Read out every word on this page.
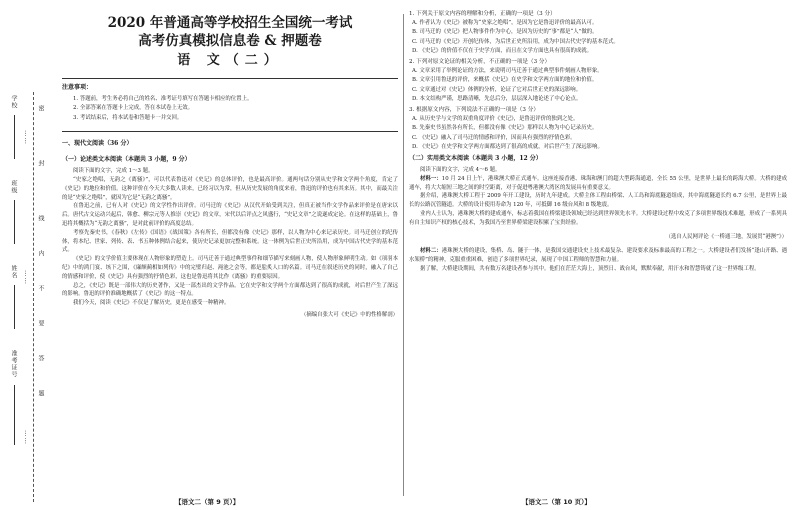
密
封
线
内
不
要
答
题
……
……
……
学校
班级
姓名
准考证号

2020 年普通高等学校招生全国统一考试

高考仿真模拟信息卷 & 押题卷

语 文（二）

注意事项：

1. 答题前，考生务必将自己的姓名、准考证号填写在答题卡相应的位置上。

2. 全部答案在答题卡上完成，答在本试卷上无效。

3. 考试结束后，将本试卷和答题卡一并交回。

一、现代文阅读（36 分）

（一）论述类文本阅读（本题共 3 小题，9 分）

阅读下面的文字，完成 1～3 题。

“史家之绝唱，无韵之《离骚》”，可以代表鲁迅对《史记》的总体评价，也是最高评价。通两句话分别从史学和文学两个角度，肯定了《史记》的地位和价值。这种评价在今天大多数人读来，已经习以为常，但从历史发展的角度来看，鲁迅的评价也有其来历。其中，而最关注的是“史家之绝唱”，就因为它是“无韵之离骚”。

在鲁迅之前，已有人对《史记》的文学性作出评价。司马迁的《史记》从汉代开始受到关注，但真正被当作文学作品来评价是在唐宋以后。唐代古文运动兴起后，韩愈、柳宗元等人推崇《史记》的文章，宋代以后评点之风盛行，“史记文章”之说遂成定论。在这样的基础上，鲁迅将其概括为“无韵之离骚”，是对此前评价的高度总结。

考察先秦史书，《春秋》《左传》《国语》《战国策》各有所长，但都没有像《史记》那样，以人物为中心来记录历史。司马迁创立的纪传体，将本纪、世家、列传、表、书五种体例结合起来，使历史记录更加完整和系统。这一体例为后世正史所沿用，成为中国古代史学的基本范式。

《史记》的文学价值主要体现在人物形象的塑造上。司马迁善于通过典型事件和细节描写来刻画人物，使人物形象鲜明生动。如《项羽本纪》中的鸿门宴、垓下之围，《廉颇蔺相如列传》中的完璧归赵、渑池之会等，都是脍炙人口的名篇。司马迁在叙述历史的同时，融入了自己的情感和评价，使《史记》具有强烈的抒情色彩，这也是鲁迅将其比作《离骚》的重要原因。

总之，《史记》既是一部伟大的历史著作，又是一部杰出的文学作品。它在史学和文学两个方面都达到了很高的成就，对后世产生了深远的影响。鲁迅的评价准确地概括了《史记》的这一特点。

我们今天，阅读《史记》不仅是了解历史，更是在感受一种精神。

（摘编自张大可《史记》中的性格解剖）

1. 下列关于原文内容的理解和分析，正确的一项是（3 分）

A. 作者认为《史记》被称为“史家之绝唱”，是因为它是鲁迅评价的最高认可。

B. 司马迁的《史记》把人物事件作为中心，是因为历史的“事”都是“人”做的。

C. 司马迁的《史记》开创纪传体，为后世正史所沿用，成为中国古代史学的基本范式。

D. 《史记》的价值不仅在于史学方面，而且在文学方面也具有很高的成就。

2. 下列对原文论证的相关分析，不正确的一项是（3 分）

A. 文章采用了举例论证的方法，来说明司马迁善于通过典型事件刻画人物形象。

B. 文章引用鲁迅的评价，来概括《史记》在史学和文学两方面的地位和价值。

C. 文章通过对《史记》体例的分析，论证了它对后世正史的深远影响。

D. 本文结构严谨，思路清晰，先总后分，层层深入地论述了中心论点。

3. 根据原文内容，下列说法不正确的一项是（3 分）

A. 从历史学与文学的双重角度评价《史记》，是鲁迅评价的独到之处。

B. 先秦史书虽然各有所长，但都没有像《史记》那样以人物为中心记录历史。

C. 《史记》融入了司马迁的情感和评价，因而具有强烈的抒情色彩。

D. 《史记》在史学和文学两方面都达到了很高的成就，对后世产生了深远影响。

（二）实用类文本阅读（本题共 3 小题，12 分）

阅读下面的文字，完成 4～6 题。

材料一：10 月 24 日上午，港珠澳大桥正式通车。这座连接香港、珠海和澳门的超大型跨海通道，全长 55 公里，是世界上最长的跨海大桥。大桥的建成通车，将大大缩短三地之间的时空距离，对于促进粤港澳大湾区的发展具有重要意义。

据介绍，港珠澳大桥工程于 2009 年开工建设，历时九年建成。大桥主体工程由桥梁、人工岛和海底隧道组成，其中海底隧道长约 6.7 公里，是世界上最长的公路沉管隧道。大桥的设计使用寿命为 120 年，可抵御 16 级台风和 8 级地震。

业内人士认为，港珠澳大桥的建成通车，标志着我国在桥梁建设领域已经达到世界领先水平。大桥建设过程中攻克了多项世界级技术难题，形成了一系列具有自主知识产权的核心技术，为我国乃至世界桥梁建设积累了宝贵经验。

（选自人民网评论《一桥通三地，发展贯“港澳”》）

材料二：港珠澳大桥的建设，集桥、岛、隧于一体，是我国交通建设史上技术最复杂、建设要求及标准最高的工程之一。大桥建设者们发扬“逢山开路、遇水架桥”的精神，克服重重困难，创造了多项世界纪录，展现了中国工程师的智慧和力量。

据了解，大桥建设期间，共有数万名建设者参与其中。他们在茫茫大海上，顶烈日、战台风，默默奉献，用汗水和智慧铸就了这一世界级工程。

【语文二（第 9 页）】	【语文二（第 10 页）】
